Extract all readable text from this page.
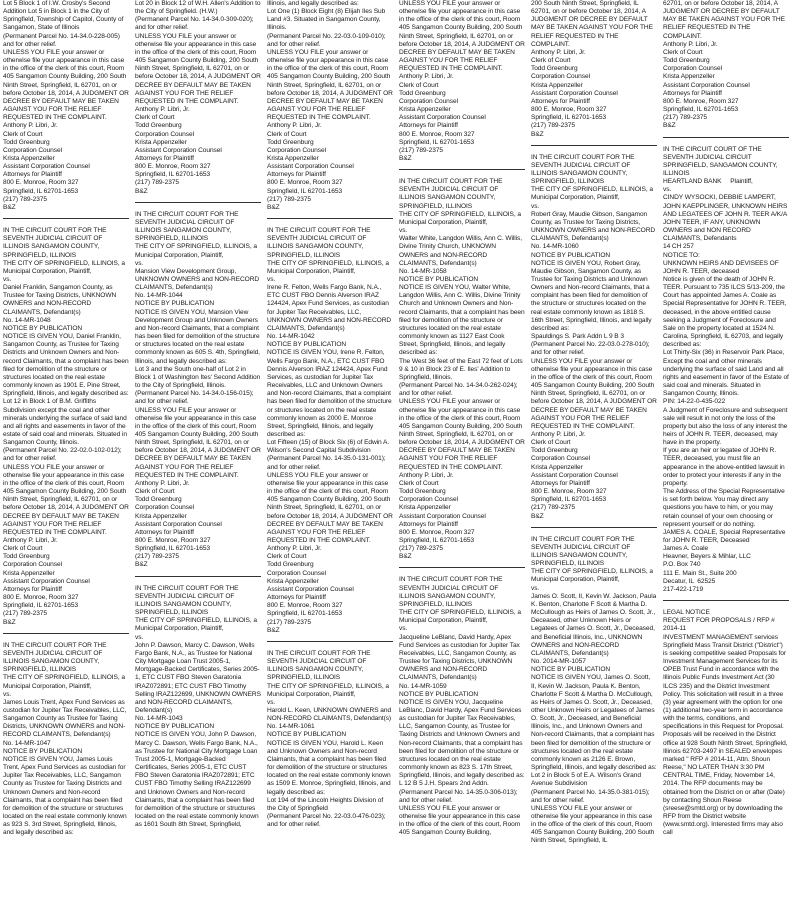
Lot 5 Block 1 of I.W. Crosby's Second Addition Lot 5 in Block 1 in the City of Springfield, Township of Capitol, County of Sangamon, State of Illinois
(Permanent Parcel No. 14-34.0-228-005) and for other relief.
UNLESS YOU FILE your answer or otherwise file your appearance in this case in the office of the clerk of this court, Room 405 Sangamon County Building, 200 South Ninth Street, Springfield, IL 62701, on or before October 18, 2014, A JUDGMENT OR DECREE BY DEFAULT MAY BE TAKEN AGAINST YOU FOR THE RELIEF REQUESTED IN THE COMPLAINT.
Anthony P. Libri, Jr.
Clerk of Court
Todd Greenburg
Corporation Counsel
Krista Appenzeller
Assistant Corporation Counsel
Attorneys for Plaintiff
800 E. Monroe, Room 327
Springfield, IL 62701-1653
(217) 789-2375
B&Z

IN THE CIRCUIT COURT FOR THE SEVENTH JUDICIAL CIRCUIT OF ILLINOIS SANGAMON COUNTY, SPRINGFIELD, ILLINOIS
THE CITY OF SPRINGFIELD, ILLINOIS, a Municipal Corporation, Plaintiff,
vs.
Daniel Franklin, Sangamon County, as Trustee for Taxing Districts, UNKNOWN OWNERS and NON-RECORD CLAIMANTS, Defendant(s)
No. 14-MR-1048
NOTICE BY PUBLICATION
NOTICE IS GIVEN YOU, Daniel Franklin, Sangamon County, as Trustee for Taxing Districts and Unknown Owners and Non-record Claimants, that a complaint has been filed for demolition of the structure or structures located on the real estate commonly known as 1901 E. Pine Street, Springfield, Illinois, and legally described as:
Lot 12 in Block 1 of B.M. Griffiths Subdivision except the coal and other minerals underlying the surface of said land and all rights and easements in favor of the estate of said coal and minerals. Situated in Sangamon County, Illinois.
(Permanent Parcel No. 22-02.0-102-012); and for other relief.
UNLESS YOU FILE your answer or otherwise file your appearance in this case in the office of the clerk of this court, Room 405 Sangamon County Building, 200 South Ninth Street, Springfield, IL 62701, on or before October 18, 2014, A JUDGMENT OR DECREE BY DEFAULT MAY BE TAKEN AGAINST YOU FOR THE RELIEF REQUESTED IN THE COMPLAINT.
Anthony P. Libri, Jr.
Clerk of Court
Todd Greenburg
Corporation Counsel
Krista Appenzeller
Assistant Corporation Counsel
Attorneys for Plaintiff
800 E. Monroe, Room 327
Springfield, IL 62701-1653
(217) 789-2375
B&Z

IN THE CIRCUIT COURT FOR THE SEVENTH JUDICIAL CIRCUIT OF ILLINOIS SANGAMON COUNTY, SPRINGFIELD, ILLINOIS
THE CITY OF SPRINGFIELD, ILLINOIS, a Municipal Corporation, Plaintiff,
vs.
James Louis Trent, Apex Fund Services as custodian for Jupiter Tax Receivables, LLC, Sangamon County as Trustee for Taxing Districts, UNKNOWN OWNERS and NON-RECORD CLAIMANTS, Defendant(s)
No. 14-MR-1047
NOTICE BY PUBLICATION
NOTICE IS GIVEN YOU, James Louis Trent, Apex Fund Services as custodian for Jupiter Tax Receivables, LLC, Sangamon County as Trustee for Taxing Districts and Unknown Owners and Non-record Claimants, that a complaint has been filed for demolition of the structure or structures located on the real estate commonly known as 923 S. 3rd Street, Springfield, Illinois, and legally described as:

Lot 20 in Block 12 of W.H. Allen's Addition to the City of Springfield. (H.W.)
(Permanent Parcel No. 14-34.0-309-020); and for other relief.
UNLESS YOU FILE your answer or otherwise file your appearance in this case in the office of the clerk of this court, Room 405 Sangamon County Building, 200 South Ninth Street, Springfield, IL 62701, on or before October 18, 2014, A JUDGMENT OR DECREE BY DEFAULT MAY BE TAKEN AGAINST YOU FOR THE RELIEF REQUESTED IN THE COMPLAINT.
Anthony P. Libri, Jr.
Clerk of Court
Todd Greenburg
Corporation Counsel
Krista Appenzeller
Assistant Corporation Counsel
Attorneys for Plaintiff
800 E. Monroe, Room 327
Springfield, IL 62701-1653
(217) 789-2375
B&Z

IN THE CIRCUIT COURT FOR THE SEVENTH JUDICIAL CIRCUIT OF ILLINOIS SANGAMON COUNTY, SPRINGFIELD, ILLINOIS
THE CITY OF SPRINGFIELD, ILLINOIS, a Municipal Corporation, Plaintiff,
vs.
Mansion View Development Group, UNKNOWN OWNERS and NON-RECORD CLAIMANTS, Defendant(s)
No. 14-MR-1044
NOTICE BY PUBLICATION
NOTICE IS GIVEN YOU, Mansion View Development Group and Unknown Owners and Non-record Claimants, that a complaint has been filed for demolition of the structure or structures located on the real estate commonly known as 605 S. 4th, Springfield, Illinois, and legally described as:
Lot 3 and the South one-half of Lot 2 in Block 1 of Washington Ites' Second Addition to the City of Springfield, Illinois.
(Permanent Parcel No. 14-34.0-156-015); and for other relief.
UNLESS YOU FILE your answer or otherwise file your appearance in this case in the office of the clerk of this court, Room 405 Sangamon County Building, 200 South Ninth Street, Springfield, IL 62701, on or before October 18, 2014, A JUDGMENT OR DECREE BY DEFAULT MAY BE TAKEN AGAINST YOU FOR THE RELIEF REQUESTED IN THE COMPLAINT.
Anthony P. Libri, Jr.
Clerk of Court
Todd Greenburg
Corporation Counsel
Krista Appenzeller
Assistant Corporation Counsel
Attorneys for Plaintiff
800 E. Monroe, Room 327
Springfield, IL 62701-1653
(217) 789-2375
B&Z

IN THE CIRCUIT COURT FOR THE SEVENTH JUDICIAL CIRCUIT OF ILLINOIS SANGAMON COUNTY, SPRINGFIELD, ILLINOIS
THE CITY OF SPRINGFIELD, ILLINOIS, a Municipal Corporation, Plaintiff,
vs.
John P. Dawson, Marcy C. Dawson, Wells Fargo Bank, N.A., as Trustee for National City Mortgage Loan Trust 2005-1, Mortgage-Backed Certificates, Series 2005-1, ETC CUST FBO Steven Garatonia IRAZ072891; ETC CUST FBO Timothy Selling IRAZ122699, UNKNOWN OWNERS and NON-RECORD CLAIMANTS, Defendant(s)
No. 14-MR-1043
NOTICE BY PUBLICATION
NOTICE IS GIVEN YOU, John P. Dawson, Marcy C. Dawson, Wells Fargo Bank, N.A., as Trustee for National City Mortgage Loan Trust 2005-1, Mortgage-Backed Certificates, Series 2005-1, ETC CUST FBO Steven Garatonia IRAZ072891; ETC CUST FBO Timothy Selling IRAZ122699 and Unknown Owners and Non-record Claimants, that a complaint has been filed for demolition of the structure or structures located on the real estate commonly known as 1601 South 8th Street, Springfield,

Illinois, and legally described as:
Lot One (1) Block Eight (8) Elijah Iles Sub Land #3. Situated in Sangamon County, Illinois.
(Permanent Parcel No. 22-03.0-109-010); and for other relief.
UNLESS YOU FILE your answer or otherwise file your appearance in this case in the office of the clerk of this court, Room 405 Sangamon County Building, 200 South Ninth Street, Springfield, IL 62701, on or before October 18, 2014, A JUDGMENT OR DECREE BY DEFAULT MAY BE TAKEN AGAINST YOU FOR THE RELIEF REQUESTED IN THE COMPLAINT.
Anthony P. Libri, Jr.
Clerk of Court
Todd Greenburg
Corporation Counsel
Krista Appenzeller
Assistant Corporation Counsel
Attorneys for Plaintiff
800 E. Monroe, Room 327
Springfield, IL 62701-1653
(217) 789-2375
B&Z

IN THE CIRCUIT COURT FOR THE SEVENTH JUDICIAL CIRCUIT OF ILLINOIS SANGAMON COUNTY, SPRINGFIELD, ILLINOIS
THE CITY OF SPRINGFIELD, ILLINOIS, a Municipal Corporation, Plaintiff,
vs.
Irene R. Felton, Wells Fargo Bank, N.A., ETC CUST FBO Dennis Alverson IRAZ 124424, Apex Fund Services, as custodian for Jupiter Tax Receivables, LLC, UNKNOWN OWNERS and NON-RECORD CLAIMANTS, Defendant(s)
No. 14-MR-1042
NOTICE BY PUBLICATION
NOTICE IS GIVEN YOU, Irene R. Felton, Wells Fargo Bank, N.A., ETC CUST FBO Dennis Alverson IRAZ 124424, Apex Fund Services, as custodian for Jupiter Tax Receivables, LLC and Unknown Owners and Non-record Claimants, that a complaint has been filed for demolition of the structure or structures located on the real estate commonly known as 2000 E. Monroe Street, Springfield, Illinois, and legally described as:
Lot Fifteen (15) of Block Six (6) of Edwin A. Wilson's Second Capital Subdivision
(Permanent Parcel No. 14-35.0-131-001); and for other relief.
UNLESS YOU FILE your answer or otherwise file your appearance in this case in the office of the clerk of this court, Room 405 Sangamon County Building, 200 South Ninth Street, Springfield, IL 62701, on or before October 18, 2014, A JUDGMENT OR DECREE BY DEFAULT MAY BE TAKEN AGAINST YOU FOR THE RELIEF REQUESTED IN THE COMPLAINT.
Anthony P. Libri, Jr.
Clerk of Court
Todd Greenburg
Corporation Counsel
Krista Appenzeller
Assistant Corporation Counsel
Attorneys for Plaintiff
800 E. Monroe, Room 327
Springfield, IL 62701-1653
(217) 789-2375
B&Z

IN THE CIRCUIT COURT FOR THE SEVENTH JUDICIAL CIRCUIT OF ILLINOIS SANGAMON COUNTY, SPRINGFIELD, ILLINOIS
THE CITY OF SPRINGFIELD, ILLINOIS, a Municipal Corporation, Plaintiff,
vs.
Harold L. Keen, UNKNOWN OWNERS and NON-RECORD CLAIMANTS, Defendant(s)
No. 14-MR-1061
NOTICE BY PUBLICATION
NOTICE IS GIVEN YOU, Harold L. Keen and Unknown Owners and Non-record Claimants, that a complaint has been filed for demolition of the structure or structures located on the real estate commonly known as 1509 E. Monroe, Springfield, Illinois, and legally described as:
Lot 194 of the Lincoln Heights Division of the City of Springfield
(Permanent Parcel No. 22-03.0-476-023); and for other relief.

UNLESS YOU FILE your answer or otherwise file your appearance in this case in the office of the clerk of this court, Room 405 Sangamon County Building, 200 South Ninth Street, Springfield, IL 62701, on or before October 18, 2014, A JUDGMENT OR DECREE BY DEFAULT MAY BE TAKEN AGAINST YOU FOR THE RELIEF REQUESTED IN THE COMPLAINT.
Anthony P. Libri, Jr.
Clerk of Court
Todd Greenburg
Corporation Counsel
Krista Appenzeller
Assistant Corporation Counsel
Attorneys for Plaintiff
800 E. Monroe, Room 327
Springfield, IL 62701-1653
(217) 789-2375
B&Z

IN THE CIRCUIT COURT FOR THE SEVENTH JUDICIAL CIRCUIT OF ILLINOIS SANGAMON COUNTY, SPRINGFIELD, ILLINOIS
THE CITY OF SPRINGFIELD, ILLINOIS, a Municipal Corporation, Plaintiff,
vs.
Walter White, Langdon Willis, Ann C. Willis, Divine Trinity Church, UNKNOWN OWNERS and NON-RECORD CLAIMANTS, Defendant(s)
No. 14-MR-1058
NOTICE BY PUBLICATION
NOTICE IS GIVEN YOU, Walter White, Langdon Willis, Ann C. Willis, Divine Trinity Church and Unknown Owners and Non-record Claimants, that a complaint has been filed for demolition of the structure or structures located on the real estate commonly known as 1127 East Cook Street, Springfield, Illinois, and legally described as:
The West 36 feet of the East 72 feet of Lots 9 & 10 in Block 23 of E. Iles' Addition to Springfield, Illinois.
(Permanent Parcel No. 14-34.0-262-024); and for other relief.
UNLESS YOU FILE your answer or otherwise file your appearance in this case in the office of the clerk of this court, Room 405 Sangamon County Building, 200 South Ninth Street, Springfield, IL 62701, on or before October 18, 2014, A JUDGMENT OR DECREE BY DEFAULT MAY BE TAKEN AGAINST YOU FOR THE RELIEF REQUESTED IN THE COMPLAINT.
Anthony P. Libri, Jr.
Clerk of Court
Todd Greenburg
Corporation Counsel
Krista Appenzeller
Assistant Corporation Counsel
Attorneys for Plaintiff
800 E. Monroe, Room 327
Springfield, IL 62701-1653
(217) 789-2375
B&Z

IN THE CIRCUIT COURT FOR THE SEVENTH JUDICIAL CIRCUIT OF ILLINOIS SANGAMON COUNTY, SPRINGFIELD, ILLINOIS
THE CITY OF SPRINGFIELD, ILLINOIS, a Municipal Corporation, Plaintiff,
vs.
Jacqueline LeBlanc, David Hardy, Apex Fund Services as custodian for Jupiter Tax Receivables, LLC, Sangamon County, as Trustee for Taxing Districts, UNKNOWN OWNERS and NON-RECORD CLAIMANTS, Defendant(s)
No. 14-MR-1059
NOTICE BY PUBLICATION
NOTICE IS GIVEN YOU, Jacqueline LeBlanc, David Hardy, Apex Fund Services as custodian for Jupiter Tax Receivables, LLC, Sangamon County, as Trustee for Taxing Districts and Unknown Owners and Non-record Claimants, that a complaint has been filed for demolition of the structure or structures located on the real estate commonly known as 823 S. 17th Street, Springfield, Illinois, and legally described as:
L 12 B 5 J.H. Spears 2nd Addn.
(Permanent Parcel No. 14-35.0-306-013); and for other relief.
UNLESS YOU FILE your answer or otherwise file your appearance in this case in the office of the clerk of this court, Room 405 Sangamon County Building,

200 South Ninth Street, Springfield, IL 62701, on or before October 18, 2014, A JUDGMENT OR DECREE BY DEFAULT MAY BE TAKEN AGAINST YOU FOR THE RELIEF REQUESTED IN THE COMPLAINT.
Anthony P. Libri, Jr.
Clerk of Court
Todd Greenburg
Corporation Counsel
Krista Appenzeller
Assistant Corporation Counsel
Attorneys for Plaintiff
800 E. Monroe, Room 327
Springfield, IL 62701-1653
(217) 789-2375
B&Z

IN THE CIRCUIT COURT FOR THE SEVENTH JUDICIAL CIRCUIT OF ILLINOIS SANGAMON COUNTY, SPRINGFIELD, ILLINOIS
THE CITY OF SPRINGFIELD, ILLINOIS, a Municipal Corporation, Plaintiff,
vs.
Robert Gray, Maudie Gibson, Sangamon County, as Trustee for Taxing Districts, UNKNOWN OWNERS and NON-RECORD CLAIMANTS, Defendant(s)
No. 14-MR-1060
NOTICE BY PUBLICATION
NOTICE IS GIVEN YOU, Robert Gray, Maudie Gibson, Sangamon County, as Trustee for Taxing Districts and Unknown Owners and Non-record Claimants, that a complaint has been filed for demolition of the structure or structures located on the real estate commonly known as 1818 S. 16th Street, Springfield, Illinois, and legally described as:
Spauldings S. Park Addn L 9 B 3
(Permanent Parcel No. 22-03.0-278-010); and for other relief.
UNLESS YOU FILE your answer or otherwise file your appearance in this case in the office of the clerk of this court, Room 405 Sangamon County Building, 200 South Ninth Street, Springfield, IL 62701, on or before October 18, 2014, A JUDGMENT OR DECREE BY DEFAULT MAY BE TAKEN AGAINST YOU FOR THE RELIEF REQUESTED IN THE COMPLAINT.
Anthony P. Libri, Jr.
Clerk of Court
Todd Greenburg
Corporation Counsel
Krista Appenzeller
Assistant Corporation Counsel
Attorneys for Plaintiff
800 E. Monroe, Room 327
Springfield, IL 62701-1653
(217) 789-2375
B&Z

IN THE CIRCUIT COURT FOR THE SEVENTH JUDICIAL CIRCUIT OF ILLINOIS SANGAMON COUNTY, SPRINGFIELD, ILLINOIS
THE CITY OF SPRINGFIELD, ILLINOIS, a Municipal Corporation, Plaintiff,
vs.
James O. Scott, II, Kevin W. Jackson, Paula K. Benton, Charlotte F Scott & Martha D. McCullough as Heirs of James O. Scott, Jr., Deceased, other Unknown Heirs or Legatees of James O. Scott, Jr., Deceased, and Beneficial Illinois, Inc., UNKNOWN OWNERS and NON-RECORD CLAIMANTS, Defendant(s)
No. 2014-MR-1057
NOTICE BY PUBLICATION
NOTICE IS GIVEN YOU, James O. Scott, II, Kevin W. Jackson, Paula K. Benton, Charlotte F Scott & Martha D. McCullough, as Heirs of James O. Scott, Jr., Deceased, other Unknown Heirs or Legatees of James O. Scott, Jr., Deceased, and Beneficial Illinois, Inc., and Unknown Owners and Non-record Claimants, that a complaint has been filed for demolition of the structure or structures located on the real estate commonly known as 2126 E. Brown, Springfield, Illinois, and legally described as:
Lot 2 in Block 5 of E.A. Wilson's Grand Avenue Subdivision
(Permanent Parcel No. 14-35.0-381-015); and for other relief.
UNLESS YOU FILE your answer or otherwise file your appearance in this case in the office of the clerk of this court, Room 405 Sangamon County Building, 200 South Ninth Street, Springfield, IL

62701, on or before October 18, 2014, A JUDGMENT OR DECREE BY DEFAULT MAY BE TAKEN AGAINST YOU FOR THE RELIEF REQUESTED IN THE COMPLAINT.
Anthony P. Libri, Jr.
Clerk of Court
Todd Greenburg
Corporation Counsel
Krista Appenzeller
Assistant Corporation Counsel
Attorneys for Plaintiff
800 E. Monroe, Room 327
Springfield, IL 62701-1653
(217) 789-2375
B&Z

IN THE CIRCUIT COURT OF THE SEVENTH JUDICIAL CIRCUIT
SPRINGFIELD, SANGAMON COUNTY, ILLINOIS
HEARTLAND BANK     Plaintiff,
vs.
CINDY WYSOCKI, DEBBIE LAMPERT, JOHN KAEPPLINGER, UNKNOWN HEIRS AND LEGATEES OF JOHN R. TEER A/K/A JOHN TEER, IF ANY, UNKNOWN OWNERS and NON RECORD CLAIMANTS, Defendants
14 CH 257
NOTICE TO:
UNKNOWN HEIRS AND DEVISEES OF JOHN R. TEER, deceased
Notice is given of the death of JOHN R. TEER. Pursuant to 735 ILCS 5/13-209, the Court has appointed James A. Coale as Special Representative for JOHN R. TEER, deceased, in the above entitled cause seeking a Judgment of Foreclosure and Sale on the property located at 1524 N. Carolina, Springfield, IL 62703, and legally described as:
Lot Thirty-Six (36) in Reservoir Park Place, Except the coal and other minerals underlying the surface of said Land and all rights and easement in favor of the Estate of said coal and minerals. Situated in Sangamon County, Illinois.
PIN: 14-22-0-435-022
A Judgment of Foreclosure and subsequent sale will result in not only the loss of the property but also the loss of any interest the heirs of JOHN R. TEER, deceased, may have in the property.
If you are an heir or legatee of JOHN R. TEER, deceased, you must file an appearance in the above-entitled lawsuit in order to protect your interests if any in the property.
The Address of the Special Representative is set forth below. You may direct any questions you have to him, or you may retain counsel of your own choosing or represent yourself or do nothing.
JAMES A. COALE, Special Representative for JOHN R. TEER, Deceased
James A. Coale
Heavner, Beyers & Mihlar, LLC
P.O. Box 740
111 E. Main St., Suite 200
Decatur, IL  62525
217-422-1719

LEGAL NOTICE
REQUEST FOR PROPOSALS / RFP # 2014-11
INVESTMENT MANAGEMENT services Springfield Mass Transit District ("District") is seeking competitive sealed Proposals for Investment Management Services for its OPEB Trust Fund in accordance with the Illinois Public Funds Investment Act (30 ILCS 235) and the District Investment Policy. This solicitation will result in a three (3) year agreement with the option for one (1) additional two-year term in accordance with the terms, conditions, and specifications in this Request for Proposal.
Proposals will be received in the District office at 928 South Ninth Street, Springfield, Illinois 62703-2497 in SEALED envelopes marked " RFP # 2014-11, Attn. Shoun Reese," NO LATER THAN 3:30 PM CENTRAL TIME, Friday, November 14, 2014. The RFP documents may be obtained from the District on or after (Date) by contacting Shoun Reese (sreese@smtd.org) or by downloading the RFP from the District website (www.smtd.org). Interested firms may also call
